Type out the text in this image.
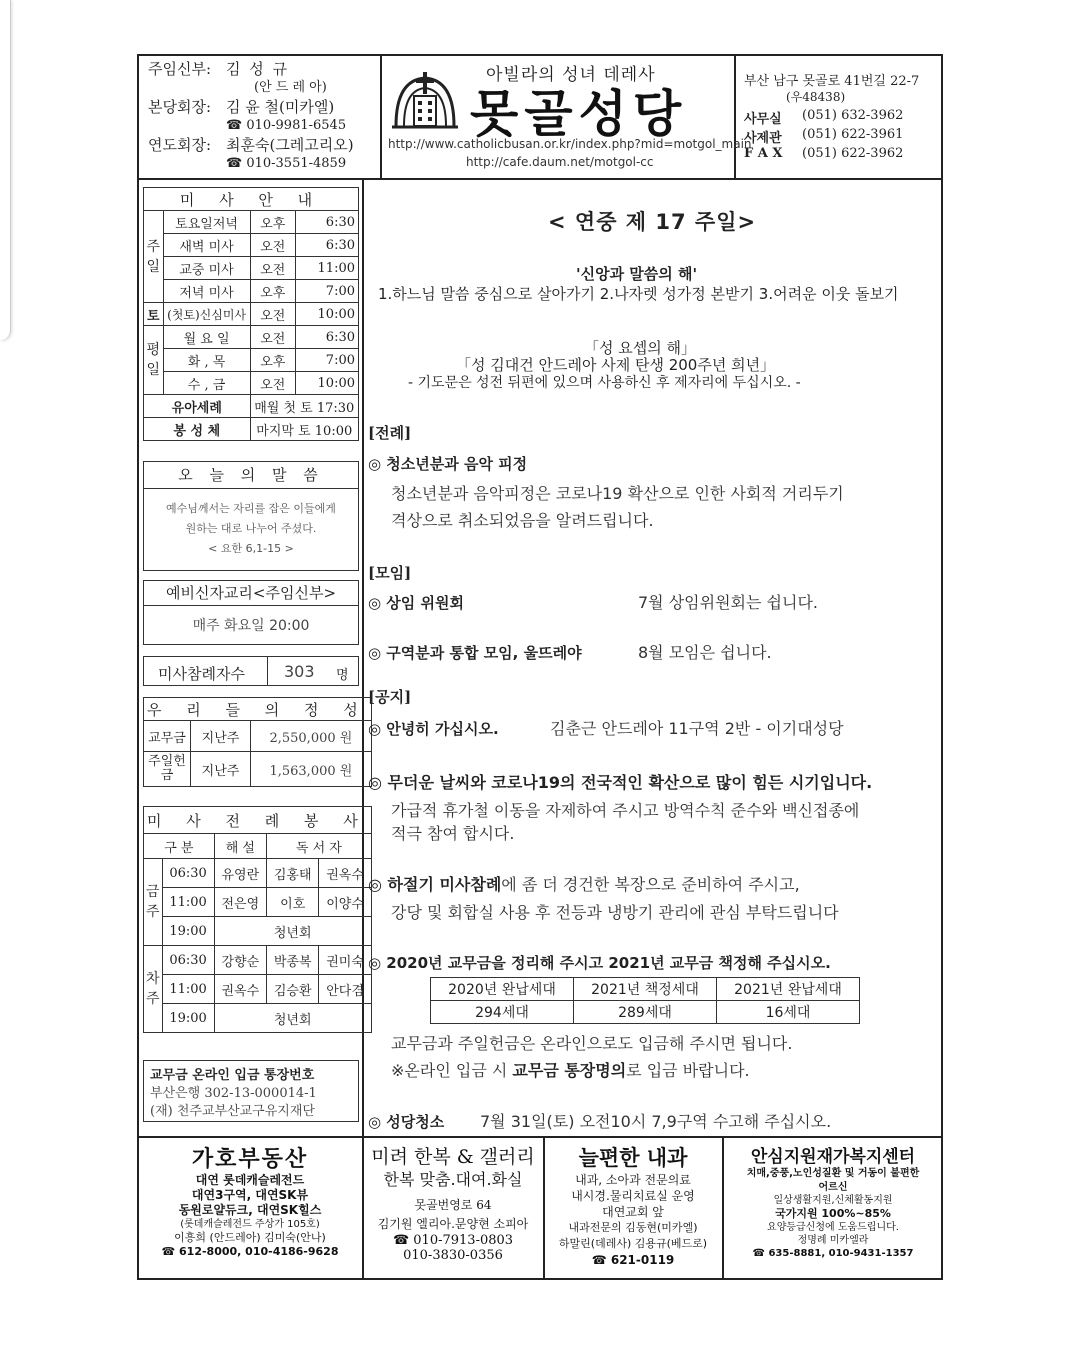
주임신부: 김 성 규
(안 드 레 아)
본당회장: 김 윤 철(미카엘)
☎ 010-9981-6545
연도회장: 최훈숙(그레고리오)
☎ 010-3551-4859
아빌라의 성녀 데레사
못골성당
http://www.catholicbusan.or.kr/index.php?mid=motgol_main
http://cafe.daum.net/motgol-cc
부산 남구 못골로 41번길 22-7
(우48438)
사무실 (051) 632-3962
사제관 (051) 622-3961
F A X (051) 622-3962
미 사 안 내			
주일	토요일저녁	오후	6:30
	새벽 미사	오전	6:30
	교중 미사	오전	11:00
	저녁 미사	오후	7:00
토	(첫토)신심미사	오전	10:00
평일	월 요 일	오전	6:30
	화 , 목	오후	7:00
	수 , 금	오전	10:00
유아세례		매월 첫 토 17:30	
봉 성 체		마지막 토 10:00	
오 늘 의 말 씀
예수님께서는 자리를 잡은 이들에게
원하는 대로 나누어 주셨다.
< 요한 6,1-15 >
예비신자교리<주임신부>
매주 화요일 20:00
미사참례자수 303 명
우 리 들 의 정 성		
교무금	지난주	2,550,000 원
주일헌금	지난주	1,563,000 원
미 사 전 례 봉 사				
구 분		해 설	독 서 자	
금주	06:30	유영란	김홍태	권옥수
	11:00	전은영	이호	이양수
	19:00	청년회		
차주	06:30	강향순	박종복	권미숙
	11:00	권옥수	김승환	안다겸
	19:00	청년회		
교무금 온라인 입금 통장번호
부산은행 302-13-000014-1
(재) 천주교부산교구유지재단
< 연중 제 17 주일>
'신앙과 말씀의 해'
1.하느님 말씀 중심으로 살아가기 2.나자렛 성가정 본받기 3.어려운 이웃 돌보기
「성 요셉의 해」
「성 김대건 안드레아 사제 탄생 200주년 희년」
- 기도문은 성전 뒤편에 있으며 사용하신 후 제자리에 두십시오. -
[전례]
◎ 청소년분과 음악 피정
청소년분과 음악피정은 코로나19 확산으로 인한 사회적 거리두기
격상으로 취소되었음을 알려드립니다.
[모임]
◎ 상임 위원회	7월 상임위원회는 쉽니다.
◎ 구역분과 통합 모임, 울뜨레야	8월 모임은 쉽니다.
[공지]
◎ 안녕히 가십시오.	김춘근 안드레아 11구역 2반 - 이기대성당
◎ 무더운 날씨와 코로나19의 전국적인 확산으로 많이 힘든 시기입니다.
가급적 휴가철 이동을 자제하여 주시고 방역수칙 준수와 백신접종에
적극 참여 합시다.
◎ 하절기 미사참례에 좀 더 경건한 복장으로 준비하여 주시고,
강당 및 회합실 사용 후 전등과 냉방기 관리에 관심 부탁드립니다
◎ 2020년 교무금을 정리해 주시고 2021년 교무금 책정해 주십시오.
2020년 완납세대	2021년 책정세대	2021년 완납세대
294세대	289세대	16세대
교무금과 주일헌금은 온라인으로도 입금해 주시면 됩니다.
※온라인 입금 시 교무금 통장명의로 입금 바랍니다.
◎ 성당청소 7월 31일(토) 오전10시 7,9구역 수고해 주십시오.
가호부동산
대연 롯데캐슬레전드
대연3구역, 대연SK뷰
동원로얄듀크, 대연SK힐스
(롯데캐슬레전드 주상가 105호)
이흥희 (안드레아) 김미숙(안나)
☎ 612-8000, 010-4186-9628
미려 한복 & 갤러리
한복 맞춤.대여.화실
못골번영로 64
김기원 엘리아.문양현 소피아
☎ 010-7913-0803
010-3830-0356
늘편한 내과
내과, 소아과 전문의료
내시경.물리치료실 운영
대연교회 앞
내과전문의 김동현(미카엘)
하말린(데레사) 김용규(베드로)
☎ 621-0119
안심지원재가복지센터
치매,중풍,노인성질환 및 거동이 불편한
어르신
일상생활지원,신체활동지원
국가지원 100%~85%
요양등급신청에 도움드립니다.
정명례 미카엘라
☎ 635-8881, 010-9431-1357
